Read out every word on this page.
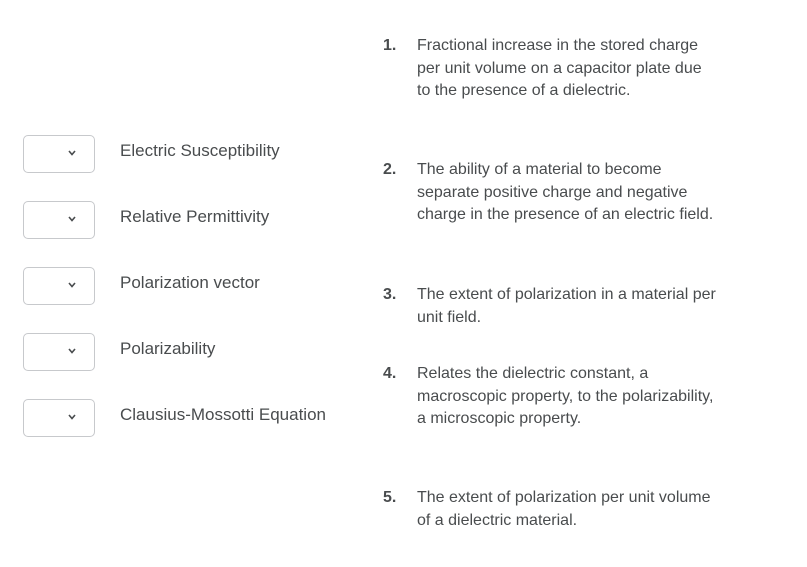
Electric Susceptibility
Relative Permittivity
Polarization vector
Polarizability
Clausius-Mossotti Equation
1. Fractional increase in the stored charge per unit volume on a capacitor plate due to the presence of a dielectric.
2. The ability of a material to become separate positive charge and negative charge in the presence of an electric field.
3. The extent of polarization in a material per unit field.
4. Relates the dielectric constant, a macroscopic property, to the polarizability, a microscopic property.
5. The extent of polarization per unit volume of a dielectric material.
